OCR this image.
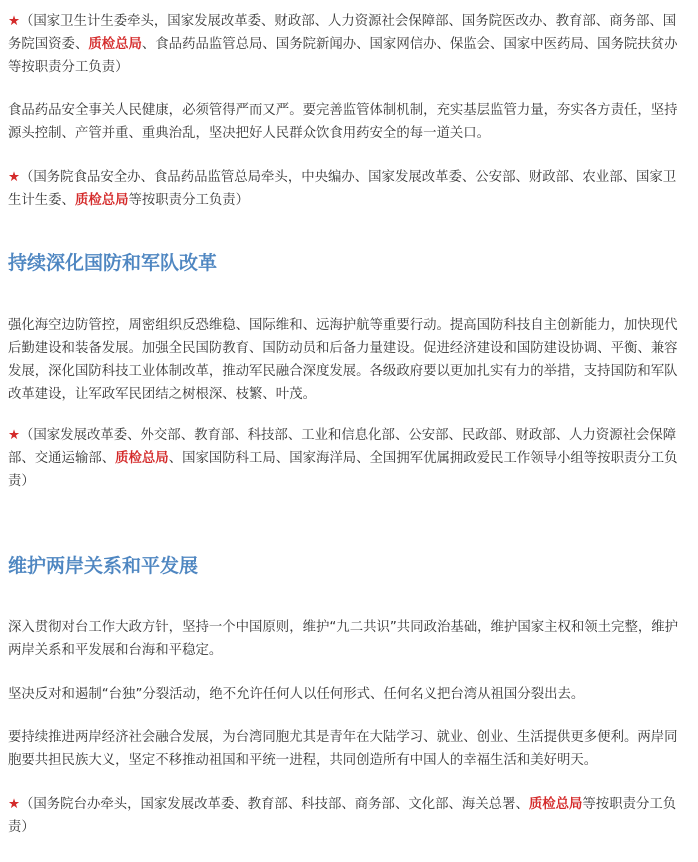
★（国家卫生计生委牵头，国家发展改革委、财政部、人力资源社会保障部、国务院医改办、教育部、商务部、国务院国资委、质检总局、食品药品监管总局、国务院新闻办、国家网信办、保监会、国家中医药局、国务院扶贫办等按职责分工负责）

食品药品安全事关人民健康，必须管得严而又严。要完善监管体制机制，充实基层监管力量，夯实各方责任，坚持源头控制、产管并重、重典治乱，坚决把好人民群众饮食用药安全的每一道关口。

★（国务院食品安全办、食品药品监管总局牵头，中央编办、国家发展改革委、公安部、财政部、农业部、国家卫生计生委、质检总局等按职责分工负责）

持续深化国防和军队改革

强化海空边防管控，周密组织反恐维稳、国际维和、远海护航等重要行动。提高国防科技自主创新能力，加快现代后勤建设和装备发展。加强全民国防教育、国防动员和后备力量建设。促进经济建设和国防建设协调、平衡、兼容发展，深化国防科技工业体制改革，推动军民融合深度发展。各级政府要以更加扎实有力的举措，支持国防和军队改革建设，让军政军民团结之树根深、枝繁、叶茂。

★（国家发展改革委、外交部、教育部、科技部、工业和信息化部、公安部、民政部、财政部、人力资源社会保障部、交通运输部、质检总局、国家国防科工局、国家海洋局、全国拥军优属拥政爱民工作领导小组等按职责分工负责）

维护两岸关系和平发展

深入贯彻对台工作大政方针，坚持一个中国原则，维护“九二共识”共同政治基础，维护国家主权和领土完整，维护两岸关系和平发展和台海和平稳定。

坚决反对和遏制“台独”分裂活动，绝不允许任何人以任何形式、任何名义把台湾从祖国分裂出去。

要持续推进两岸经济社会融合发展，为台湾同胞尤其是青年在大陆学习、就业、创业、生活提供更多便利。两岸同胞要共担民族大义，坚定不移推动祖国和平统一进程，共同创造所有中国人的幸福生活和美好明天。

★（国务院台办牵头，国家发展改革委、教育部、科技部、商务部、文化部、海关总署、质检总局等按职责分工负责）
